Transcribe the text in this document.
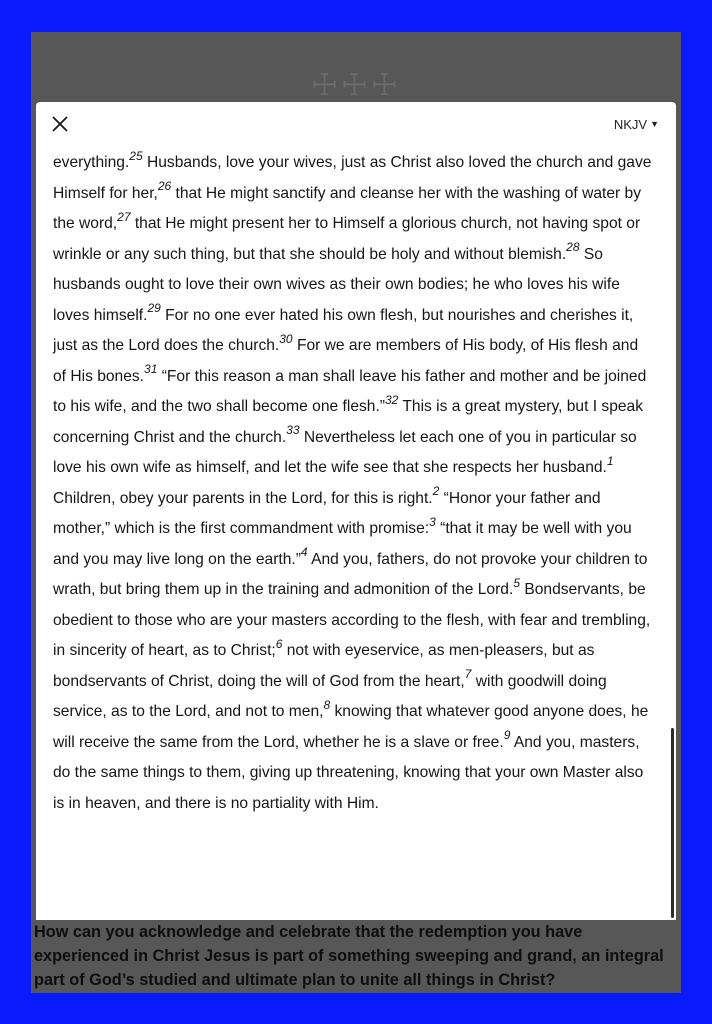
☩☩☩
How can you acknowledge and celebrate that the redemption you have experienced in Christ Jesus is part of something sweeping and grand, an integral part of God’s studied and ultimate plan to unite all things in Christ?
NKJV ▼
everything.$^{25}$ Husbands, love your wives, just as Christ also loved the church and gave Himself for her,$^{26}$ that He might sanctify and cleanse her with the washing of water by the word,$^{27}$ that He might present her to Himself a glorious church, not having spot or wrinkle or any such thing, but that she should be holy and without blemish.$^{28}$ So husbands ought to love their own wives as their own bodies; he who loves his wife loves himself.$^{29}$ For no one ever hated his own flesh, but nourishes and cherishes it, just as the Lord does the church.$^{30}$ For we are members of His body, of His flesh and of His bones.$^{31}$ “For this reason a man shall leave his father and mother and be joined to his wife, and the two shall become one flesh.”$^{32}$ This is a great mystery, but I speak concerning Christ and the church.$^{33}$ Nevertheless let each one of you in particular so love his own wife as himself, and let the wife see that she respects her husband.$^1$ Children, obey your parents in the Lord, for this is right.$^2$ “Honor your father and mother,” which is the first commandment with promise:$^3$ “that it may be well with you and you may live long on the earth.”$^4$ And you, fathers, do not provoke your children to wrath, but bring them up in the training and admonition of the Lord.$^5$ Bondservants, be obedient to those who are your masters according to the flesh, with fear and trembling, in sincerity of heart, as to Christ;$^6$ not with eyeservice, as men-pleasers, but as bondservants of Christ, doing the will of God from the heart,$^7$ with goodwill doing service, as to the Lord, and not to men,$^8$ knowing that whatever good anyone does, he will receive the same from the Lord, whether he is a slave or free.$^9$ And you, masters, do the same things to them, giving up threatening, knowing that your own Master also is in heaven, and there is no partiality with Him.
